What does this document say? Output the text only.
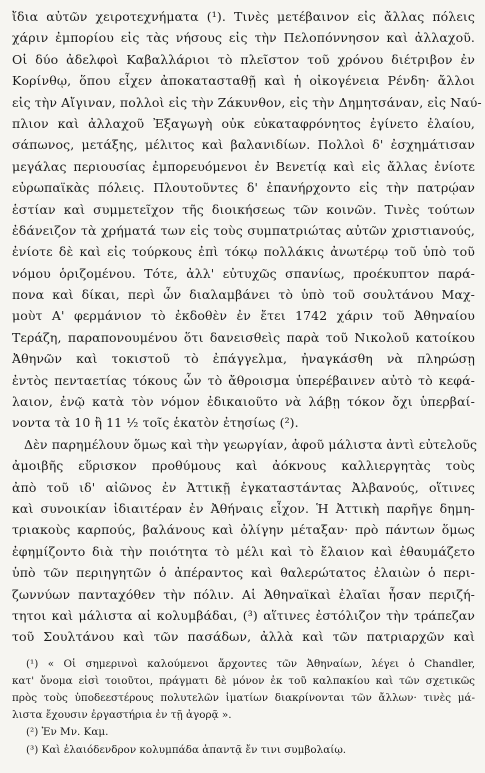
ἴδια αὐτῶν χειροτεχνήματα (¹). Τινὲς μετέβαινον εἰς ἄλλας πόλεις
χάριν ἐμπορίου εἰς τὰς νήσους εἰς τὴν Πελοπόννησον καὶ ἀλλαχοῦ.
Οἱ δύο ἀδελφοὶ Καβαλλάριοι τὸ πλεῖστον τοῦ χρόνου διέτριβον ἐν
Κορίνθῳ, ὅπου εἶχεν ἀποκατασταθῇ καὶ ἡ οἰκογένεια Ρένδη· ἄλλοι
εἰς τὴν Αἴγιναν, πολλοὶ εἰς τὴν Ζάκυνθον, εἰς τὴν Δημητσάναν, εἰς Ναύ-
πλιον καὶ ἀλλαχοῦ Ἐξαγωγὴ οὐκ εὐκαταφρόνητος ἐγίνετο ἐλαίου,
σάπωνος, μετάξης, μέλιτος καὶ βαλανιδίων. Πολλοὶ δ' ἐσχημάτισαν
μεγάλας περιουσίας ἐμπορευόμενοι ἐν Βενετίᾳ καὶ εἰς ἄλλας ἐνίοτε
εὐρωπαϊκὰς πόλεις. Πλουτοῦντες δ' ἐπανήρχοντο εἰς τὴν πατρῴαν
ἑστίαν καὶ συμμετεῖχον τῆς διοικήσεως τῶν κοινῶν. Τινὲς τούτων
ἐδάνειζον τὰ χρήματά των εἰς τοὺς συμπατριώτας αὐτῶν χριστιανούς,
ἐνίοτε δὲ καὶ εἰς τούρκους ἐπὶ τόκῳ πολλάκις ἀνωτέρῳ τοῦ ὑπὸ τοῦ
νόμου ὁριζομένου. Τότε, ἀλλ' εὐτυχῶς σπανίως, προέκυπτον παρά-
πονα καὶ δίκαι, περὶ ὧν διαλαμβάνει τὸ ὑπὸ τοῦ σουλτάνου Μαχ-
μοὺτ Α' φερμάνιον τὸ ἐκδοθὲν ἐν ἔτει 1742 χάριν τοῦ Ἀθηναίου
Τεράζη, παραπονουμένου ὅτι δανεισθεὶς παρὰ τοῦ Νικολοῦ κατοίκου
Ἀθηνῶν καὶ τοκιστοῦ τὸ ἐπάγγελμα, ἠναγκάσθη νὰ πληρώσῃ
ἐντὸς πενταετίας τόκους ὧν τὸ ἄθροισμα ὑπερέβαινεν αὐτὸ τὸ κεφά-
λαιον, ἐνῷ κατὰ τὸν νόμον ἐδικαιοῦτο νὰ λάβῃ τόκον ὄχι ὑπερβαί-
νοντα τὰ 10 ἢ 11 ½ τοῖς ἑκατὸν ἐτησίως (²).
Δὲν παρημέλουν ὅμως καὶ τὴν γεωργίαν, ἀφοῦ μάλιστα ἀντὶ εὐτελοῦς
ἀμοιβῆς εὕρισκον προθύμους καὶ ἀόκνους καλλιεργητὰς τοὺς
ἀπὸ τοῦ ιδ' αἰῶνος ἐν Ἀττικῇ ἐγκαταστάντας Ἀλβανούς, οἵτινες
καὶ συνοικίαν ἰδιαιτέραν ἐν Ἀθήναις εἶχον. Ἡ Ἀττικὴ παρῆγε δημη-
τριακοὺς καρπούς, βαλάνους καὶ ὀλίγην μέταξαν· πρὸ πάντων ὅμως
ἐφημίζοντο διὰ τὴν ποιότητα τὸ μέλι καὶ τὸ ἔλαιον καὶ ἐθαυμάζετο
ὑπὸ τῶν περιηγητῶν ὁ ἀπέραντος καὶ θαλερώτατος ἐλαιὼν ὁ περι-
ζωννύων πανταχόθεν τὴν πόλιν. Αἱ Ἀθηναϊκαὶ ἐλαῖαι ἦσαν περιζή-
τητοι καὶ μάλιστα αἱ κολυμβάδαι, (³) αἵτινες ἐστόλιζον τὴν τράπεζαν
τοῦ Σουλτάνου καὶ τῶν πασάδων, ἀλλὰ καὶ τῶν πατριαρχῶν καὶ
(¹) « Οἱ σημερινοὶ καλούμενοι ἄρχοντες τῶν Ἀθηναίων, λέγει ὁ Chandler,
κατ' ὄνομα εἰσὶ τοιοῦτοι, πράγματι δὲ μόνον ἐκ τοῦ καλπακίου καὶ τῶν σχετικῶς
πρὸς τοὺς ὑποδεεστέρους πολυτελῶν ἱματίων διακρίνονται τῶν ἄλλων· τινὲς μά-
λιστα ἔχουσιν ἐργαστήρια ἐν τῇ ἀγορᾷ ».
(²) Ἐν Μν. Καμ.
(³) Καὶ ἐλαιόδενδρον κολυμπάδα ἀπαντᾷ ἔν τινι συμβολαίῳ.
